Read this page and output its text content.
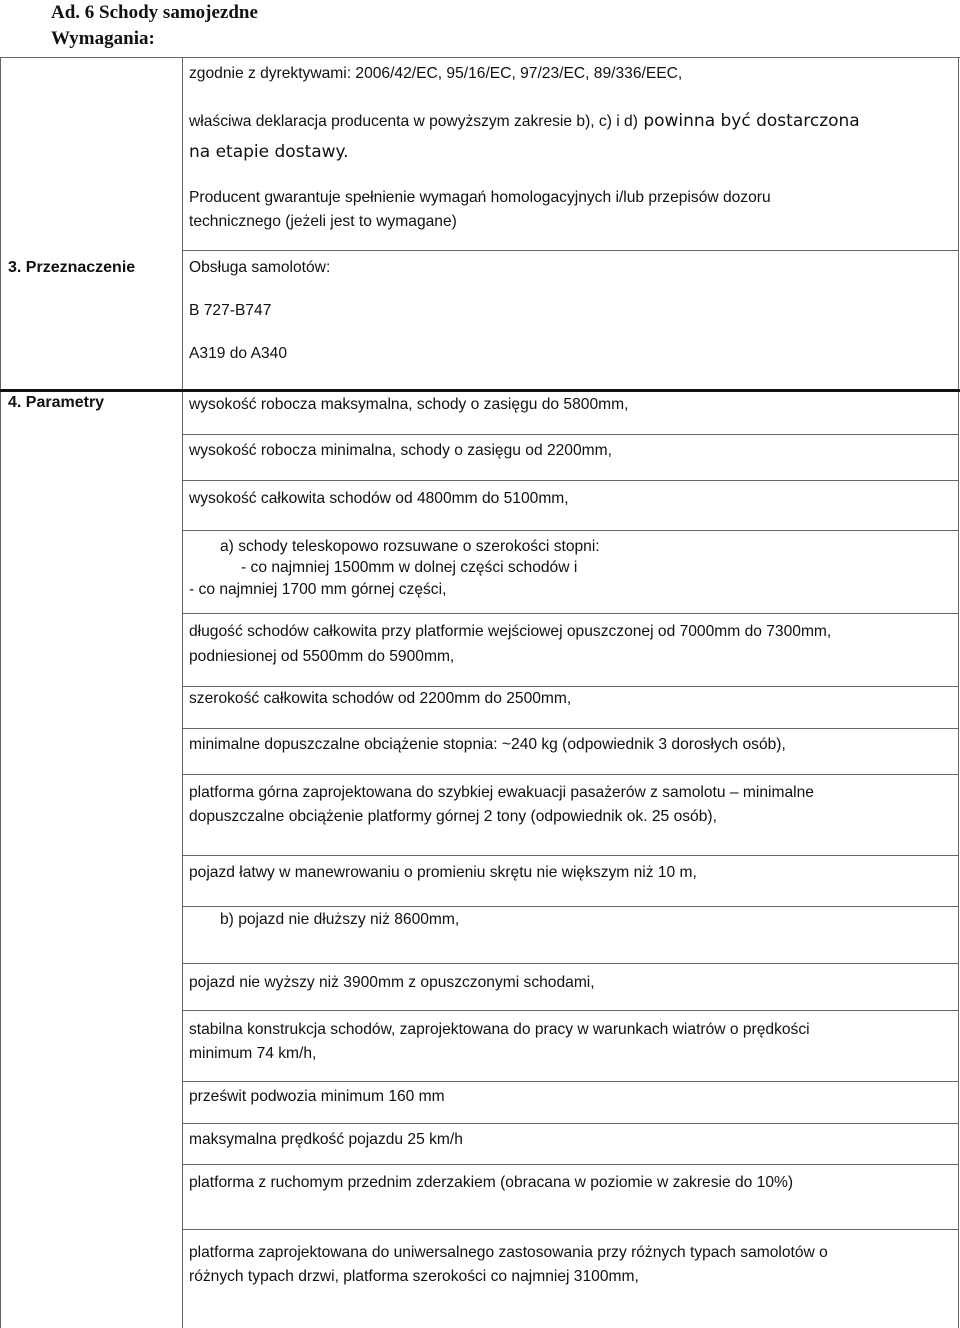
Ad. 6 Schody samojezdne
Wymagania:
zgodnie z dyrektywami: 2006/42/EC, 95/16/EC, 97/23/EC, 89/336/EEC,
właściwa deklaracja producenta w powyższym zakresie b), c) i d) powinna być dostarczona
na etapie dostawy.
Producent gwarantuje spełnienie wymagań homologacyjnych i/lub przepisów dozoru
technicznego (jeżeli jest to wymagane)
3. Przeznaczenie	Obsługa samolotów:
B 727-B747
A319 do A340
4. Parametry	wysokość robocza maksymalna, schody o zasięgu do 5800mm,
wysokość robocza minimalna, schody o zasięgu od 2200mm,
wysokość całkowita schodów od 4800mm do 5100mm,
a) schody teleskopowo rozsuwane o szerokości stopni:
- co najmniej 1500mm w dolnej części schodów i
- co najmniej 1700 mm górnej części,
długość schodów całkowita przy platformie wejściowej opuszczonej od 7000mm do 7300mm,
podniesionej od 5500mm do 5900mm,
szerokość całkowita schodów od 2200mm do 2500mm,
minimalne dopuszczalne obciążenie stopnia: ~240 kg (odpowiednik 3 dorosłych osób),
platforma górna zaprojektowana do szybkiej ewakuacji pasażerów z samolotu – minimalne
dopuszczalne obciążenie platformy górnej 2 tony (odpowiednik ok. 25 osób),
pojazd łatwy w manewrowaniu o promieniu skrętu nie większym niż 10 m,
b) pojazd nie dłuższy niż 8600mm,
pojazd nie wyższy niż 3900mm z opuszczonymi schodami,
stabilna konstrukcja schodów, zaprojektowana do pracy w warunkach wiatrów o prędkości
minimum 74 km/h,
prześwit podwozia minimum 160 mm
maksymalna prędkość pojazdu 25 km/h
platforma z ruchomym przednim zderzakiem (obracana w poziomie w zakresie do 10%)
platforma zaprojektowana do uniwersalnego zastosowania przy różnych typach samolotów o
różnych typach drzwi, platforma szerokości co najmniej 3100mm,
